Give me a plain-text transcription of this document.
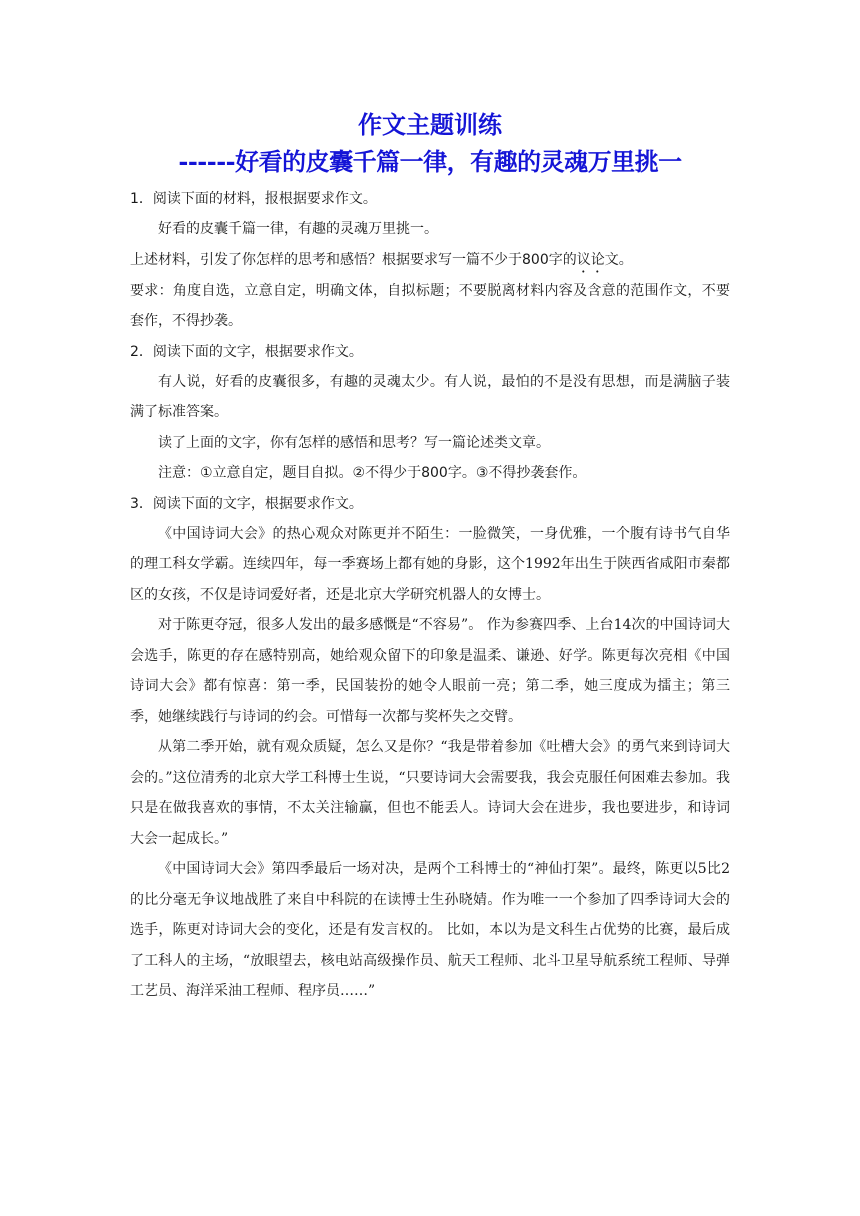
作文主题训练

------好看的皮囊千篇一律，有趣的灵魂万里挑一

1．阅读下面的材料，报根据要求作文。

好看的皮囊千篇一律，有趣的灵魂万里挑一。

上述材料，引发了你怎样的思考和感悟？根据要求写一篇不少于800字的议论文。

要求：角度自选，立意自定，明确文体，自拟标题；不要脱离材料内容及含意的范围作文，不要套作，不得抄袭。

2．阅读下面的文字，根据要求作文。

有人说，好看的皮囊很多，有趣的灵魂太少。有人说，最怕的不是没有思想，而是满脑子装满了标准答案。

读了上面的文字，你有怎样的感悟和思考？写一篇论述类文章。

注意：①立意自定，题目自拟。②不得少于800字。③不得抄袭套作。

3．阅读下面的文字，根据要求作文。

《中国诗词大会》的热心观众对陈更并不陌生：一脸微笑，一身优雅，一个腹有诗书气自华的理工科女学霸。连续四年，每一季赛场上都有她的身影，这个1992年出生于陕西省咸阳市秦都区的女孩，不仅是诗词爱好者，还是北京大学研究机器人的女博士。

对于陈更夺冠，很多人发出的最多感慨是“不容易”。 作为参赛四季、上台14次的中国诗词大会选手，陈更的存在感特别高，她给观众留下的印象是温柔、谦逊、好学。陈更每次亮相《中国诗词大会》都有惊喜：第一季，民国装扮的她令人眼前一亮；第二季，她三度成为擂主；第三季，她继续践行与诗词的约会。可惜每一次都与奖杯失之交臂。

从第二季开始，就有观众质疑，怎么又是你？“我是带着参加《吐槽大会》的勇气来到诗词大会的。”这位清秀的北京大学工科博士生说，“只要诗词大会需要我，我会克服任何困难去参加。我只是在做我喜欢的事情，不太关注输赢，但也不能丢人。诗词大会在进步，我也要进步，和诗词大会一起成长。”

《中国诗词大会》第四季最后一场对决，是两个工科博士的“神仙打架”。最终，陈更以5比2的比分毫无争议地战胜了来自中科院的在读博士生孙晓婧。作为唯一一个参加了四季诗词大会的选手，陈更对诗词大会的变化，还是有发言权的。 比如，本以为是文科生占优势的比赛，最后成了工科人的主场，“放眼望去，核电站高级操作员、航天工程师、北斗卫星导航系统工程师、导弹工艺员、海洋采油工程师、程序员……”
